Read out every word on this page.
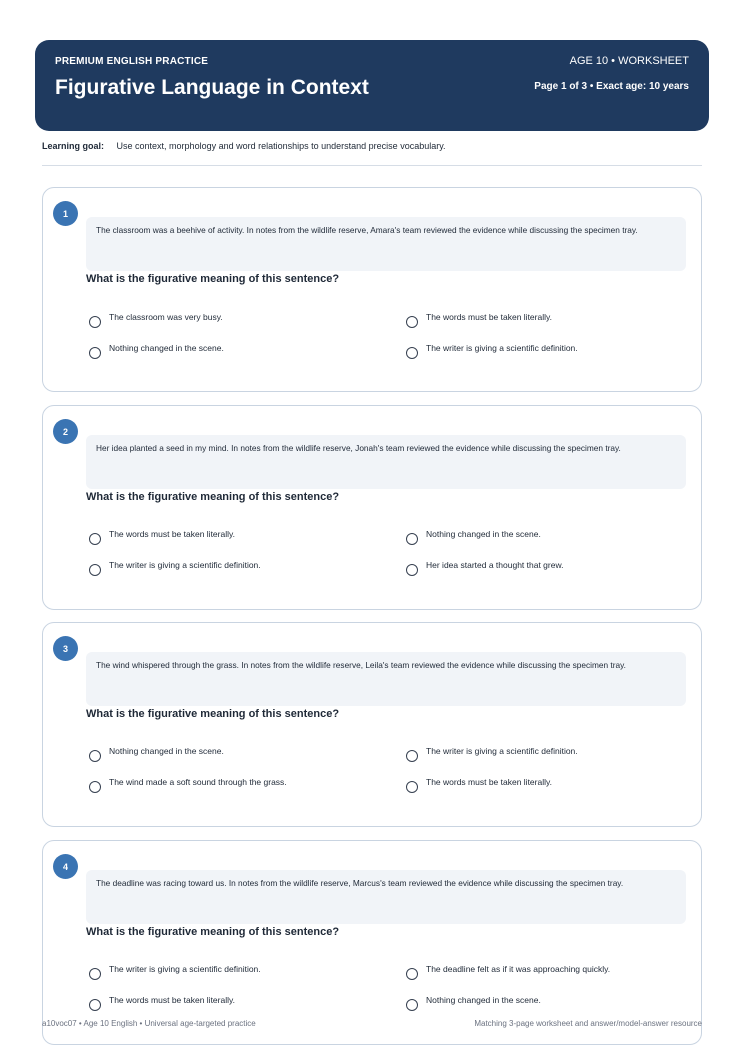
PREMIUM ENGLISH PRACTICE
Figurative Language in Context
AGE 10 • WORKSHEET
Page 1 of 3 • Exact age: 10 years
Learning goal: Use context, morphology and word relationships to understand precise vocabulary.
1
The classroom was a beehive of activity. In notes from the wildlife reserve, Amara's team reviewed the evidence while discussing the specimen tray.
What is the figurative meaning of this sentence?
The classroom was very busy.	The words must be taken literally.
Nothing changed in the scene.	The writer is giving a scientific definition.
2
Her idea planted a seed in my mind. In notes from the wildlife reserve, Jonah's team reviewed the evidence while discussing the specimen tray.
What is the figurative meaning of this sentence?
The words must be taken literally.	Nothing changed in the scene.
The writer is giving a scientific definition.	Her idea started a thought that grew.
3
The wind whispered through the grass. In notes from the wildlife reserve, Leila's team reviewed the evidence while discussing the specimen tray.
What is the figurative meaning of this sentence?
Nothing changed in the scene.	The writer is giving a scientific definition.
The wind made a soft sound through the grass.	The words must be taken literally.
4
The deadline was racing toward us. In notes from the wildlife reserve, Marcus's team reviewed the evidence while discussing the specimen tray.
What is the figurative meaning of this sentence?
The writer is giving a scientific definition.	The deadline felt as if it was approaching quickly.
The words must be taken literally.	Nothing changed in the scene.
a10voc07 • Age 10 English • Universal age-targeted practice	Matching 3-page worksheet and answer/model-answer resource
